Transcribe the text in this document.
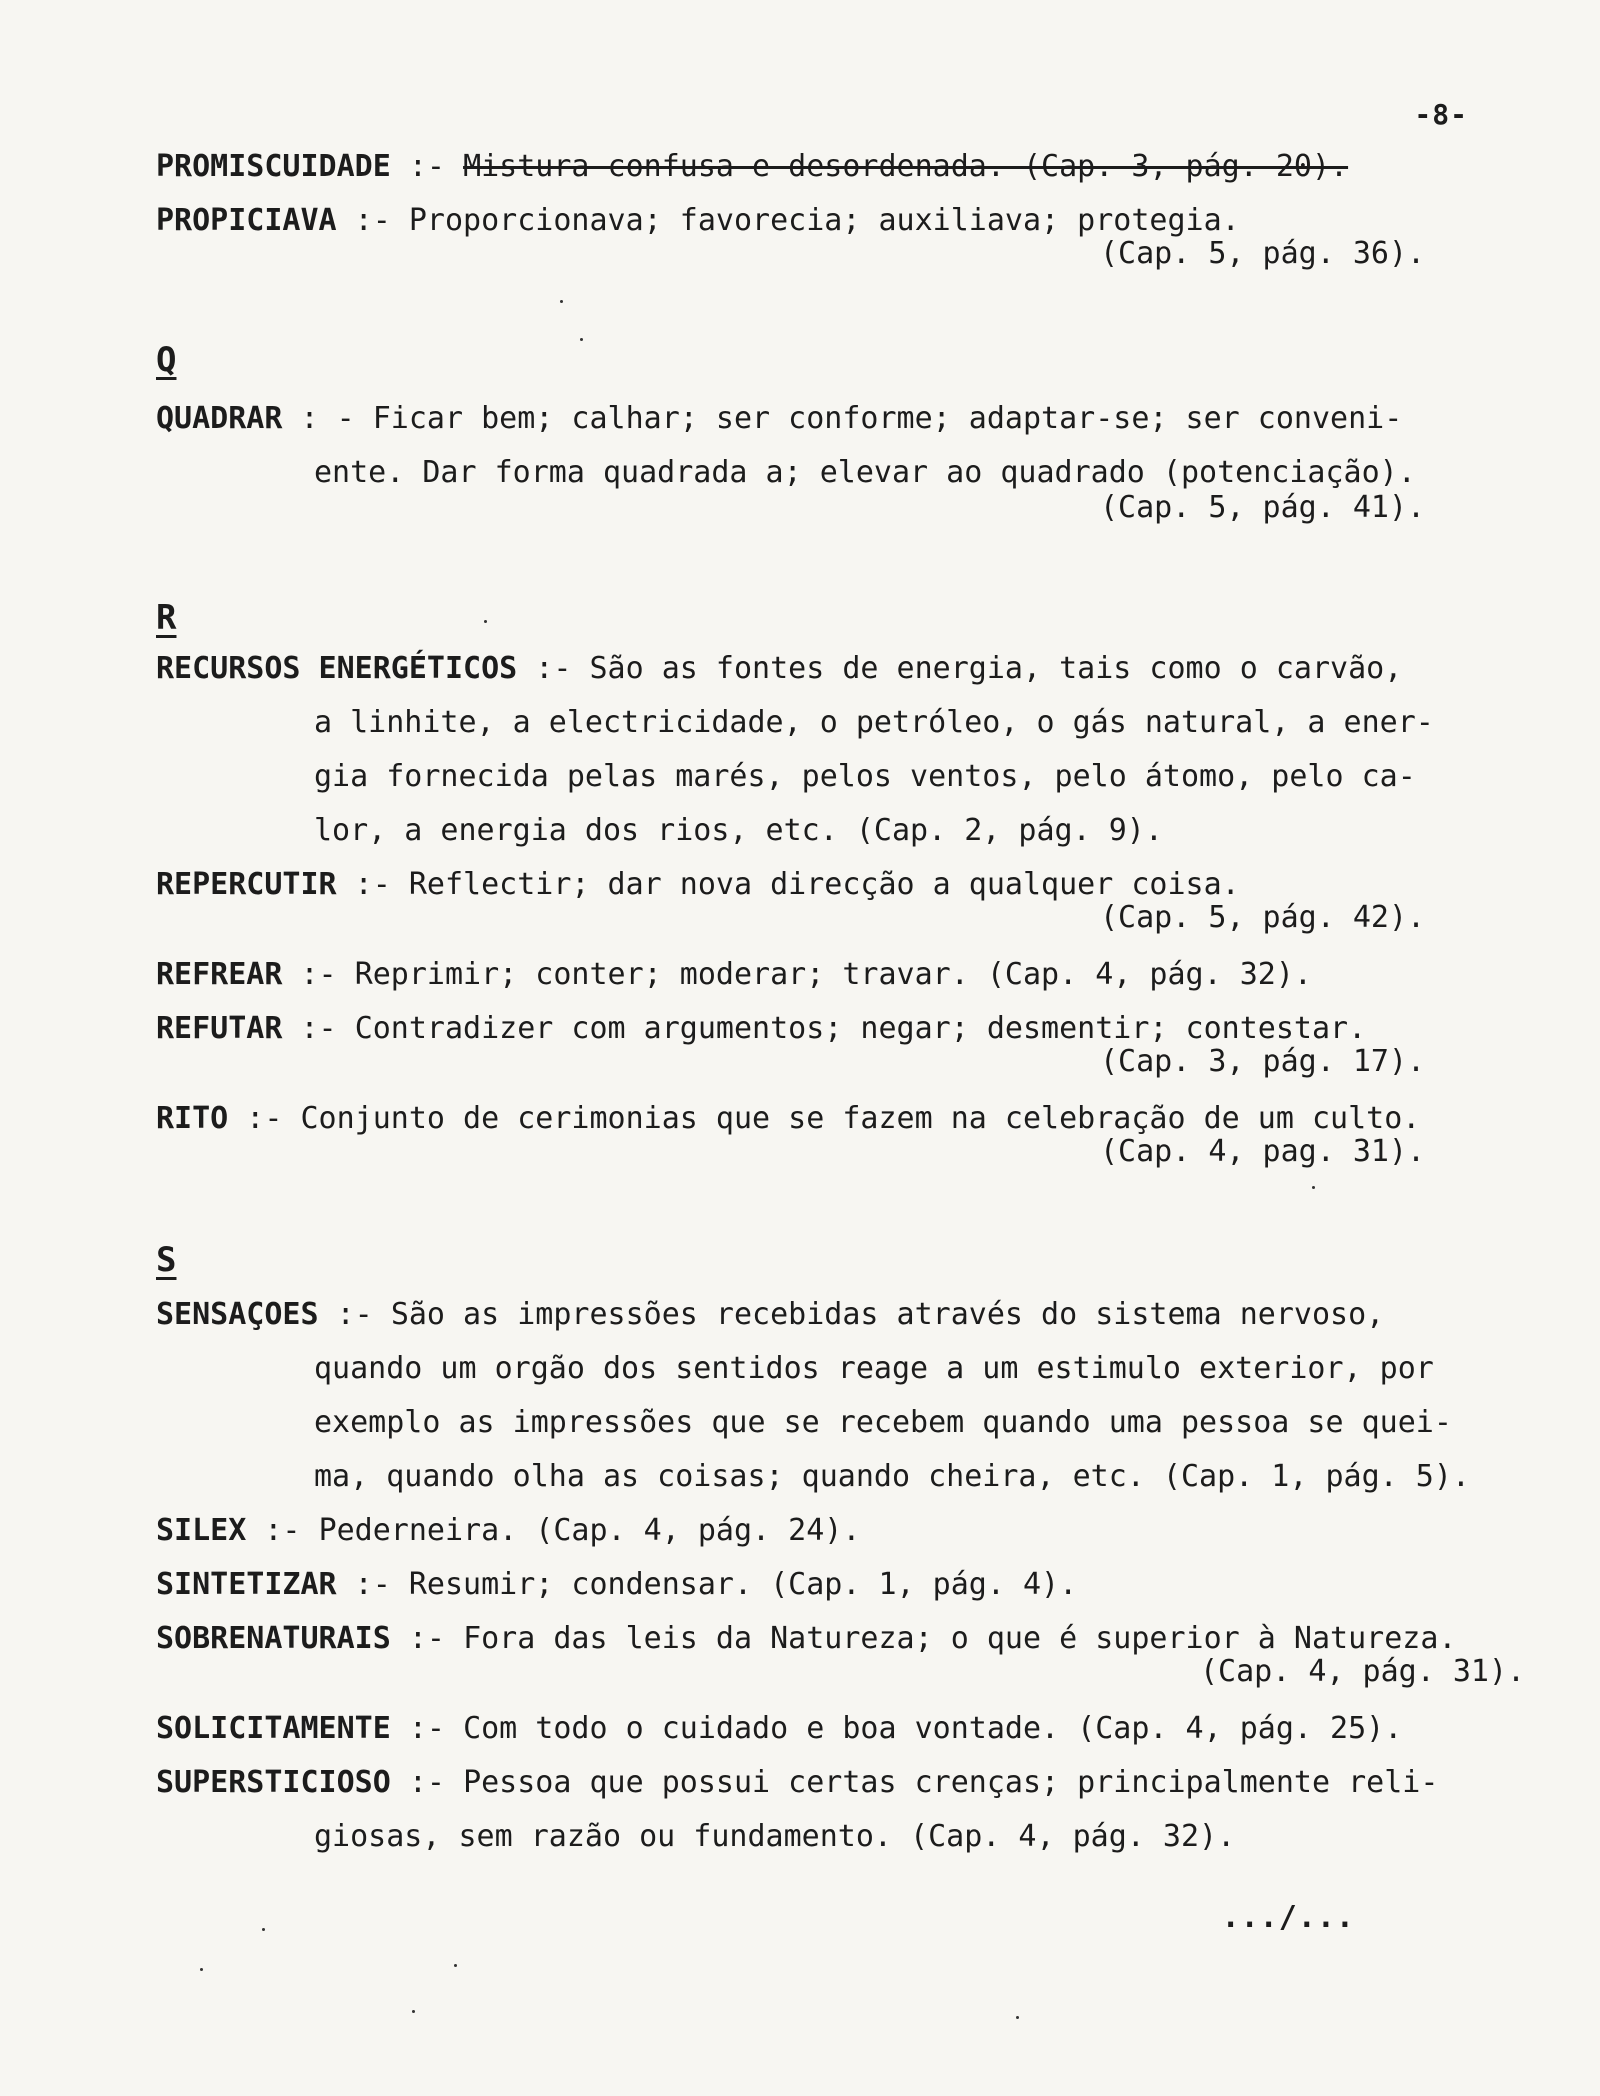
-8-
PROMISCUIDADE :- Mistura confusa e desordenada. (Cap. 3, pág. 20).
PROPICIAVA :- Proporcionava; favorecia; auxiliava; protegia.
(Cap. 5, pág. 36).
Q
QUADRAR : - Ficar bem; calhar; ser conforme; adaptar-se; ser conveni-
ente. Dar forma quadrada a; elevar ao quadrado (potenciação).
(Cap. 5, pág. 41).
R
RECURSOS ENERGÉTICOS :- São as fontes de energia, tais como o carvão,
a linhite, a electricidade, o petróleo, o gás natural, a ener-
gia fornecida pelas marés, pelos ventos, pelo átomo, pelo ca-
lor, a energia dos rios, etc. (Cap. 2, pág. 9).
REPERCUTIR :- Reflectir; dar nova direcção a qualquer coisa.
(Cap. 5, pág. 42).
REFREAR :- Reprimir; conter; moderar; travar. (Cap. 4, pág. 32).
REFUTAR :- Contradizer com argumentos; negar; desmentir; contestar.
(Cap. 3, pág. 17).
RITO :- Conjunto de cerimonias que se fazem na celebração de um culto.
(Cap. 4, pag. 31).
S
SENSAÇOES :- São as impressões recebidas através do sistema nervoso,
quando um orgão dos sentidos reage a um estimulo exterior, por
exemplo as impressões que se recebem quando uma pessoa se quei-
ma, quando olha as coisas; quando cheira, etc. (Cap. 1, pág. 5).
SILEX :- Pederneira. (Cap. 4, pág. 24).
SINTETIZAR :- Resumir; condensar. (Cap. 1, pág. 4).
SOBRENATURAIS :- Fora das leis da Natureza; o que é superior à Natureza.
(Cap. 4, pág. 31).
SOLICITAMENTE :- Com todo o cuidado e boa vontade. (Cap. 4, pág. 25).
SUPERSTICIOSO :- Pessoa que possui certas crenças; principalmente reli-
giosas, sem razão ou fundamento. (Cap. 4, pág. 32).
.../...
